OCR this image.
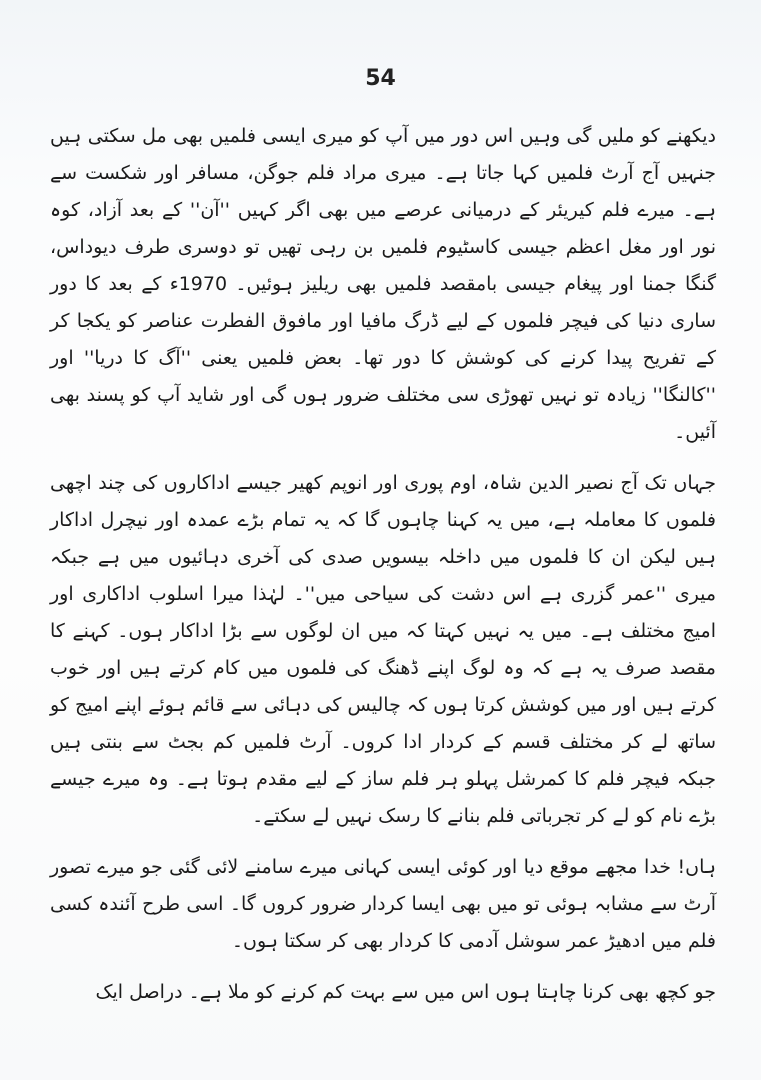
54

دیکھنے کو ملیں گی وہیں اس دور میں آپ کو میری ایسی فلمیں بھی مل سکتی ہیں جنہیں آج آرٹ فلمیں کہا جاتا ہے۔ میری مراد فلم جوگن، مسافر اور شکست سے ہے۔ میرے فلم کیریئر کے درمیانی عرصے میں بھی اگر کہیں ''آن'' کے بعد آزاد، کوہ نور اور مغل اعظم جیسی کاسٹیوم فلمیں بن رہی تھیں تو دوسری طرف دیوداس، گنگا جمنا اور پیغام جیسی بامقصد فلمیں بھی ریلیز ہوئیں۔ 1970ء کے بعد کا دور ساری دنیا کی فیچر فلموں کے لیے ڈرگ مافیا اور مافوق الفطرت عناصر کو یکجا کر کے تفریح پیدا کرنے کی کوشش کا دور تھا۔ بعض فلمیں یعنی ''آگ کا دریا'' اور ''کالنگا'' زیادہ تو نہیں تھوڑی سی مختلف ضرور ہوں گی اور شاید آپ کو پسند بھی آئیں۔

جہاں تک آج نصیر الدین شاہ، اوم پوری اور انوپم کھیر جیسے اداکاروں کی چند اچھی فلموں کا معاملہ ہے، میں یہ کہنا چاہوں گا کہ یہ تمام بڑے عمدہ اور نیچرل اداکار ہیں لیکن ان کا فلموں میں داخلہ بیسویں صدی کی آخری دہائیوں میں ہے جبکہ میری ''عمر گزری ہے اس دشت کی سیاحی میں''۔ لہٰذا میرا اسلوب اداکاری اور امیج مختلف ہے۔ میں یہ نہیں کہتا کہ میں ان لوگوں سے بڑا اداکار ہوں۔ کہنے کا مقصد صرف یہ ہے کہ وہ لوگ اپنے ڈھنگ کی فلموں میں کام کرتے ہیں اور خوب کرتے ہیں اور میں کوشش کرتا ہوں کہ چالیس کی دہائی سے قائم ہوئے اپنے امیج کو ساتھ لے کر مختلف قسم کے کردار ادا کروں۔ آرٹ فلمیں کم بجٹ سے بنتی ہیں جبکہ فیچر فلم کا کمرشل پہلو ہر فلم ساز کے لیے مقدم ہوتا ہے۔ وہ میرے جیسے بڑے نام کو لے کر تجرباتی فلم بنانے کا رسک نہیں لے سکتے۔

ہاں! خدا مجھے موقع دیا اور کوئی ایسی کہانی میرے سامنے لائی گئی جو میرے تصور آرٹ سے مشابہ ہوئی تو میں بھی ایسا کردار ضرور کروں گا۔ اسی طرح آئندہ کسی فلم میں ادھیڑ عمر سوشل آدمی کا کردار بھی کر سکتا ہوں۔

جو کچھ بھی کرنا چاہتا ہوں اس میں سے بہت کم کرنے کو ملا ہے۔ دراصل ایک
